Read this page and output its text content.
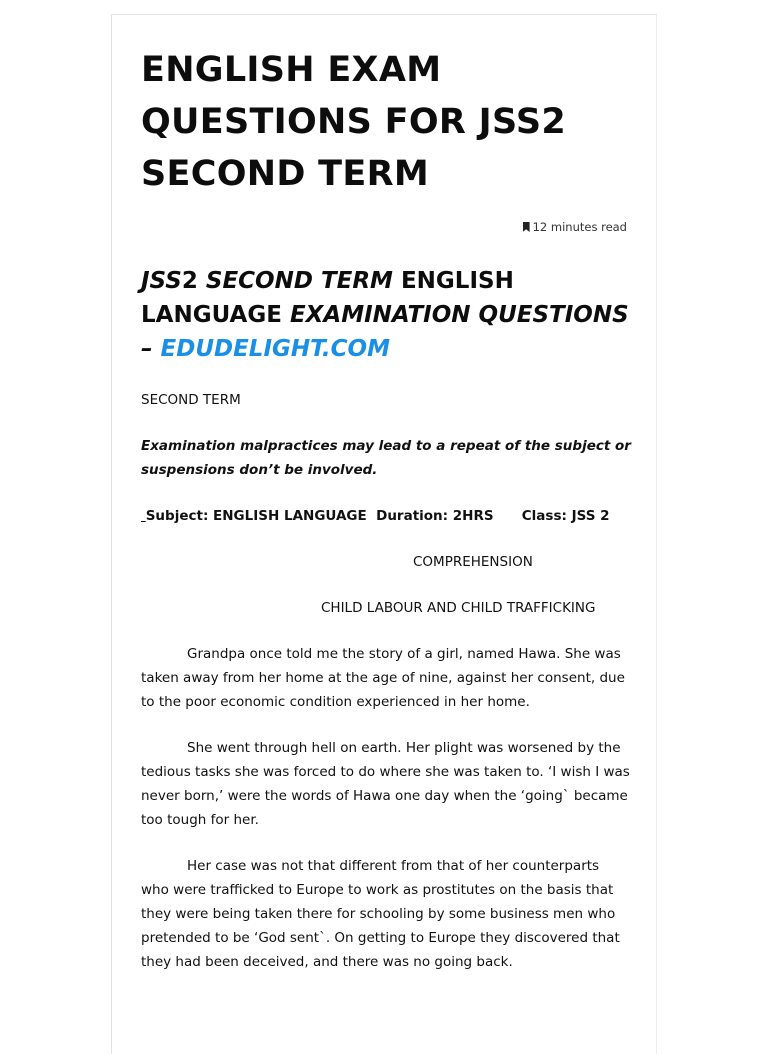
ENGLISH EXAM QUESTIONS FOR JSS2 SECOND TERM
12 minutes read
JSS2 SECOND TERM ENGLISH LANGUAGE EXAMINATION QUESTIONS – EDUDELIGHT.COM

SECOND TERM

Examination malpractices may lead to a repeat of the subject or suspensions don’t be involved.

Subject: ENGLISH LANGUAGE  Duration: 2HRS      Class: JSS 2

COMPREHENSION

CHILD LABOUR AND CHILD TRAFFICKING

Grandpa once told me the story of a girl, named Hawa. She was taken away from her home at the age of nine, against her consent, due to the poor economic condition experienced in her home.

She went through hell on earth. Her plight was worsened by the tedious tasks she was forced to do where she was taken to. ‘I wish I was never born,’ were the words of Hawa one day when the ‘going` became too tough for her.

Her case was not that different from that of her counterparts who were trafficked to Europe to work as prostitutes on the basis that they were being taken there for schooling by some business men who pretended to be ‘God sent`. On getting to Europe they discovered that they had been deceived, and there was no going back.
